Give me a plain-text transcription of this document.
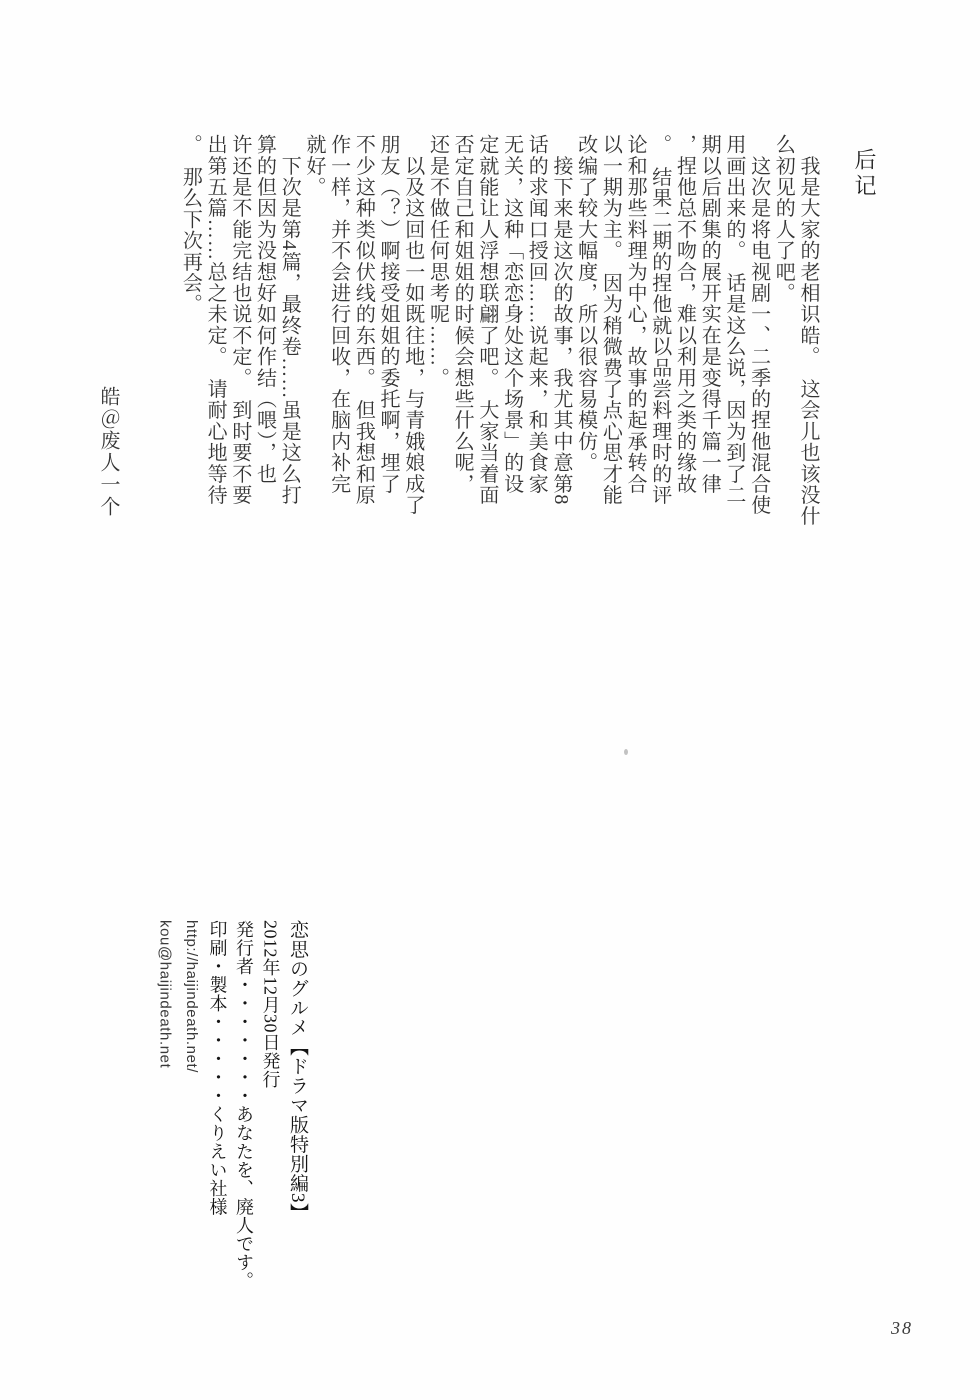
后记
　我是大家的老相识皓。　这会儿也该没什
么初见的人了吧。
　这次是将电视剧一、二季的捏他混合使
用画出来的。　话是这么说，因为到了二
期以后剧集的展开实在是变得千篇一律
，捏他总不吻合，难以利用之类的缘故
。　结果二期的捏他就以品尝料理时的评
论和那些料理为中心，故事的起承转合
以一期为主。　因为稍微费了点心思才能
改编了较大幅度，所以很容易模仿。
　接下来是这次的故事，我尤其中意第8
话的求闻口授回……说起来，和美食家
无关，这种「恋恋身处这个场景」的设
定就能让人浮想联翩了吧。　大家当着面
否定自己和姐姐的时候会想些什么呢，
还是不做任何思考呢……。
　以及这回也一如既往地，与青娥娘成了
朋友（？）啊接受姐姐的委托啊，埋了
不少这种类似伏线的东西。　但我想和原
作一样，并不会进行回收，在脑内补完
就好。
　下次是第4篇，最终卷……虽是这么打
算的但因为没想好如何作结（喂），也
许还是不能完结也说不定。　到时要不要
出第五篇……总之未定。　请耐心地等待
。　那么下次再会。
皓＠废人一个
恋思のグルメ【ドラマ版特別編3】
2012年12月30日発行
発行者・・・・・・・あなたを、廃人です。
印刷・製本・・・・・くりえい社様
http://haijindeath.net/
kou@haijindeath.net
38
